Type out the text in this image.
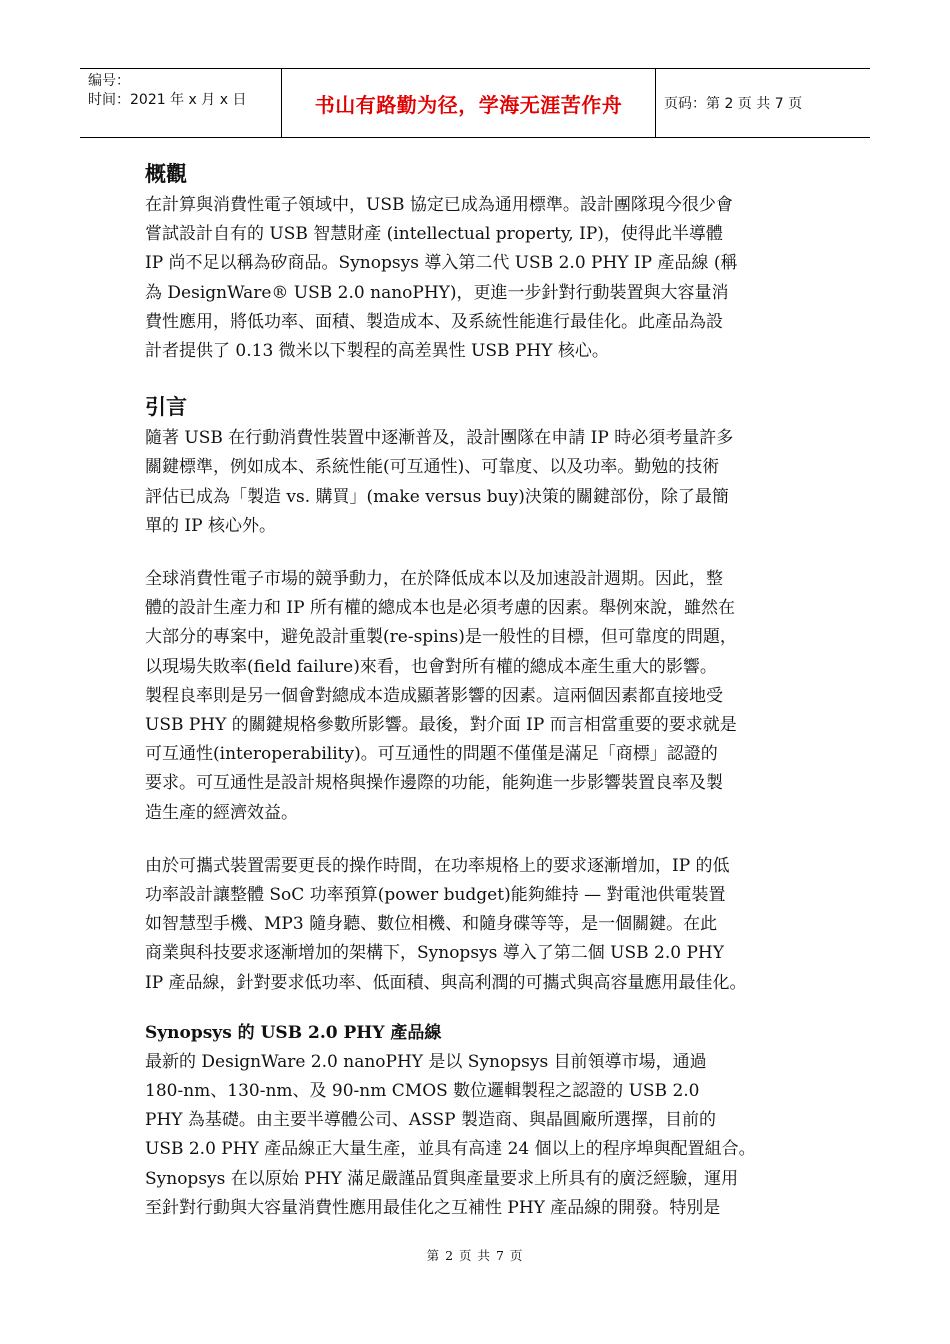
编号：
时间：2021 年 x 月 x 日	书山有路勤为径，学海无涯苦作舟	页码：第 2 页 共 7 页
概觀
在計算與消費性電子領域中，USB 協定已成為通用標準。設計團隊現今很少會
嘗試設計自有的 USB 智慧財產 (intellectual property, IP)，使得此半導體
IP 尚不足以稱為矽商品。Synopsys 導入第二代 USB 2.0 PHY IP 產品線 (稱
為 DesignWare® USB 2.0 nanoPHY)，更進一步針對行動裝置與大容量消
費性應用，將低功率、面積、製造成本、及系統性能進行最佳化。此產品為設
計者提供了 0.13 微米以下製程的高差異性 USB PHY 核心。
引言
隨著 USB 在行動消費性裝置中逐漸普及，設計團隊在申請 IP 時必須考量許多
關鍵標準，例如成本、系統性能(可互通性)、可靠度、以及功率。勤勉的技術
評估已成為「製造 vs. 購買」(make versus buy)決策的關鍵部份，除了最簡
單的 IP 核心外。
全球消費性電子市場的競爭動力，在於降低成本以及加速設計週期。因此，整
體的設計生產力和 IP 所有權的總成本也是必須考慮的因素。舉例來說，雖然在
大部分的專案中，避免設計重製(re-spins)是一般性的目標，但可靠度的問題，
以現場失敗率(field failure)來看，也會對所有權的總成本產生重大的影響。
製程良率則是另一個會對總成本造成顯著影響的因素。這兩個因素都直接地受
USB PHY 的關鍵規格參數所影響。最後，對介面 IP 而言相當重要的要求就是
可互通性(interoperability)。可互通性的問題不僅僅是滿足「商標」認證的
要求。可互通性是設計規格與操作邊際的功能，能夠進一步影響裝置良率及製
造生產的經濟效益。
由於可攜式裝置需要更長的操作時間，在功率規格上的要求逐漸增加，IP 的低
功率設計讓整體 SoC 功率預算(power budget)能夠維持 — 對電池供電裝置
如智慧型手機、MP3 隨身聽、數位相機、和隨身碟等等，是一個關鍵。在此
商業與科技要求逐漸增加的架構下，Synopsys 導入了第二個 USB 2.0 PHY
IP 產品線，針對要求低功率、低面積、與高利潤的可攜式與高容量應用最佳化。
Synopsys 的 USB 2.0 PHY 產品線
最新的 DesignWare 2.0 nanoPHY 是以 Synopsys 目前領導市場，通過
180-nm、130-nm、及 90-nm CMOS 數位邏輯製程之認證的 USB 2.0
PHY 為基礎。由主要半導體公司、ASSP 製造商、與晶圓廠所選擇，目前的
USB 2.0 PHY 產品線正大量生產，並具有高達 24 個以上的程序埠與配置組合。
Synopsys 在以原始 PHY 滿足嚴謹品質與產量要求上所具有的廣泛經驗，運用
至針對行動與大容量消費性應用最佳化之互補性 PHY 產品線的開發。特別是
第 2 页 共 7 页
